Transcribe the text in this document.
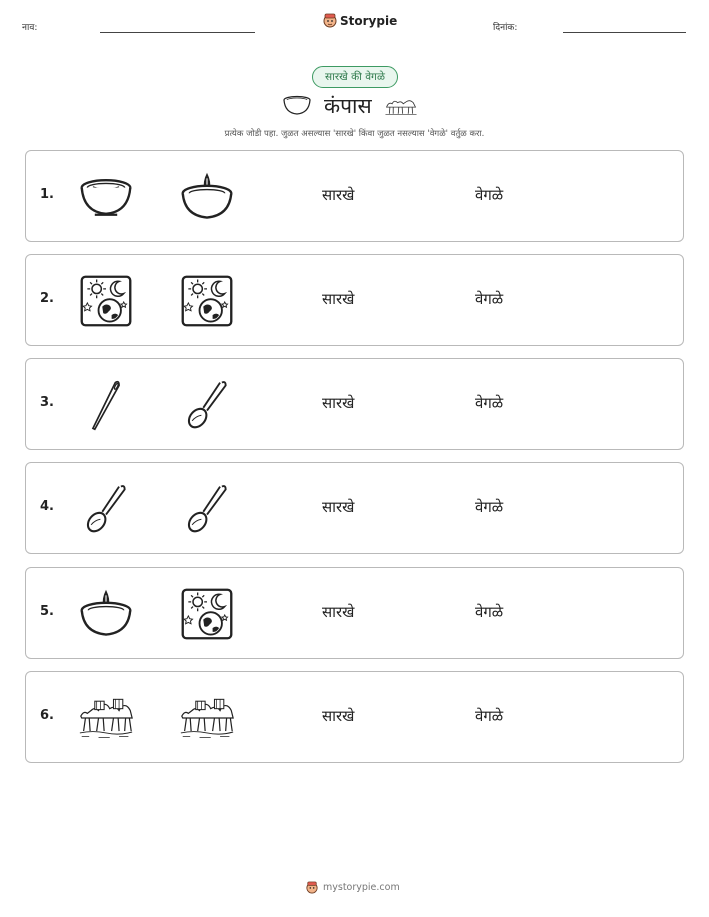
नाव:
Storypie
दिनांक:
सारखे की वेगळे
कंपास
प्रत्येक जोडी पहा. जुळत असल्यास 'सारखे' किंवा जुळत नसल्यास 'वेगळे' वर्तुळ करा.
1.	सारखे	वेगळे
2.	सारखे	वेगळे
3.	सारखे	वेगळे
4.	सारखे	वेगळे
5.	सारखे	वेगळे
6.	सारखे	वेगळे
mystorypie.com
